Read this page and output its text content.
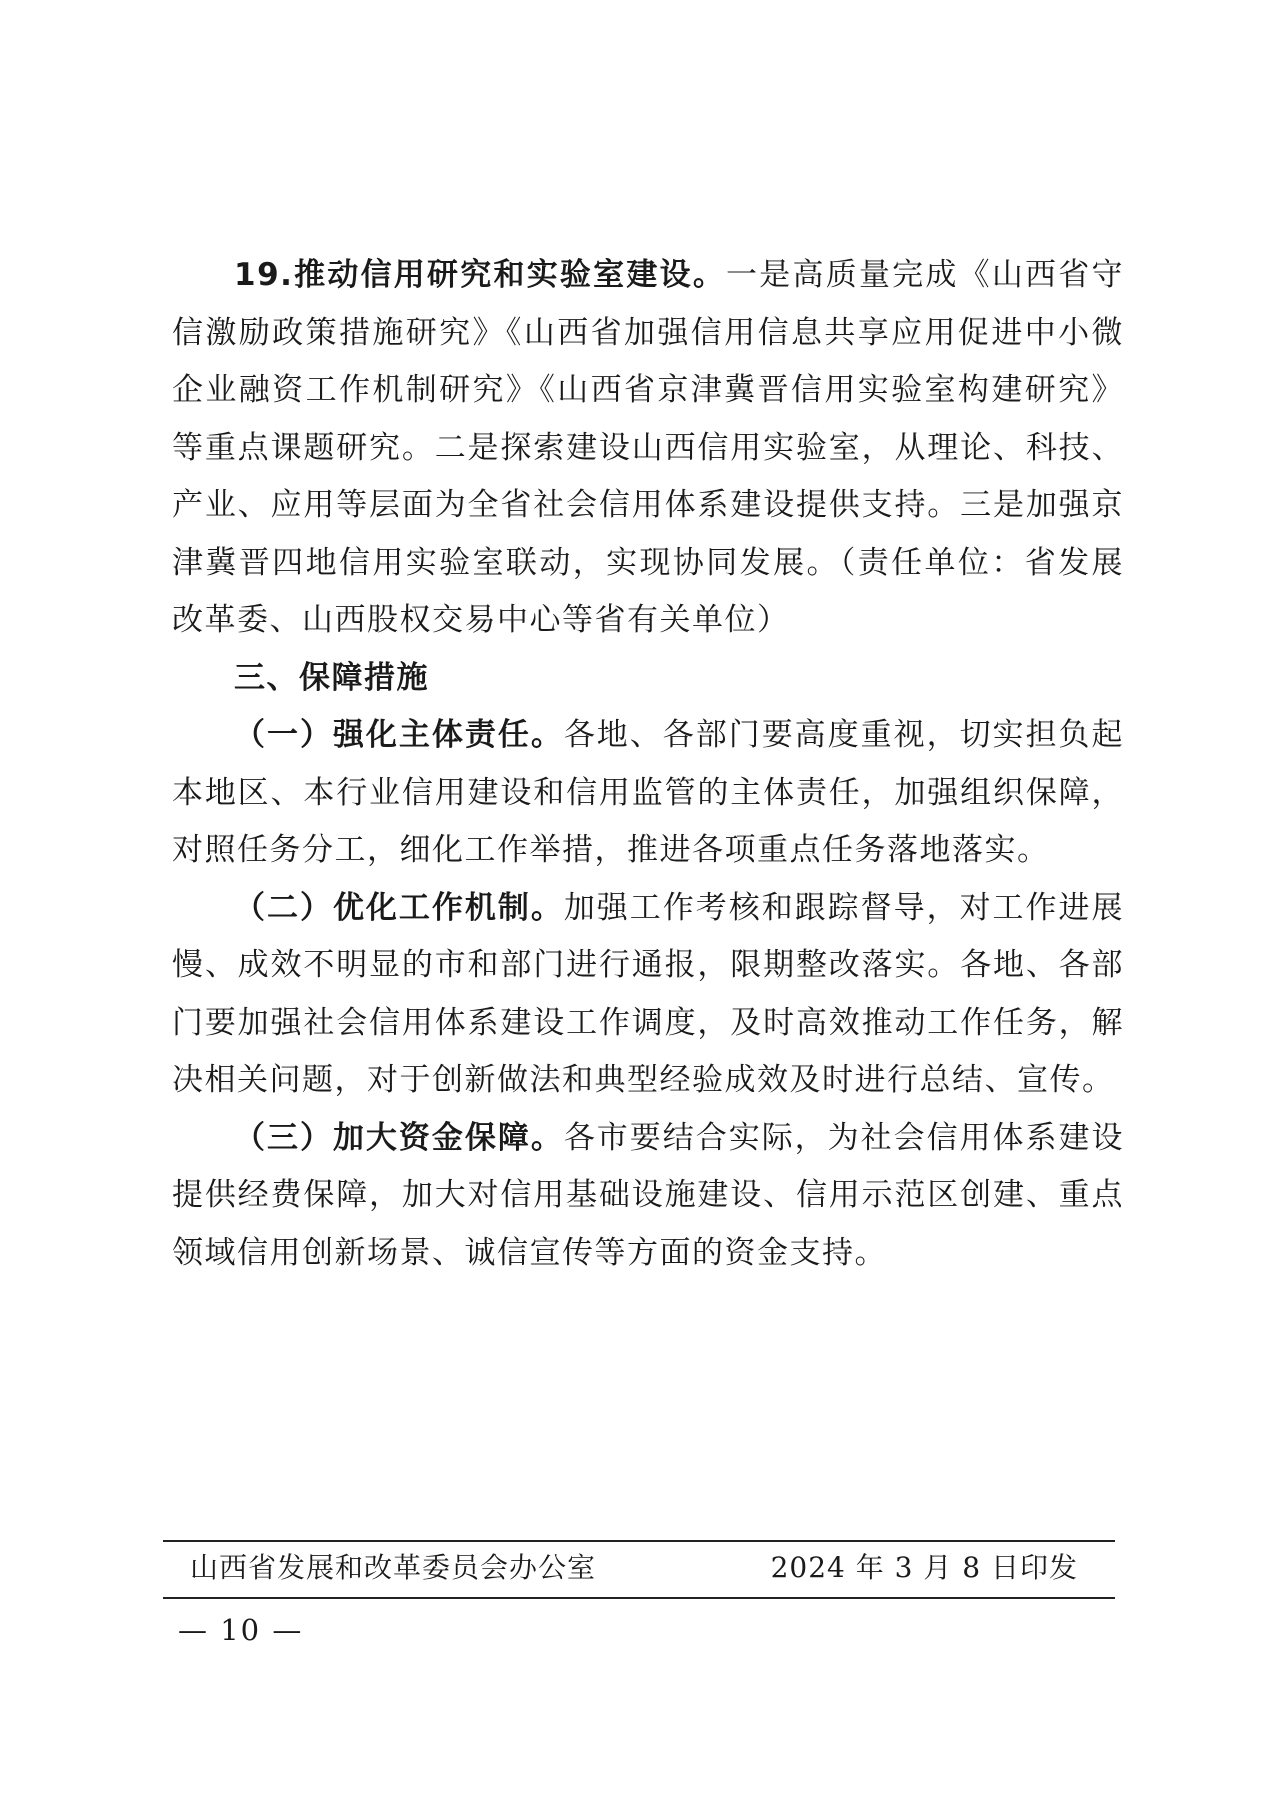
19.推动信用研究和实验室建设。一是高质量完成《山西省守信激励政策措施研究》《山西省加强信用信息共享应用促进中小微企业融资工作机制研究》《山西省京津冀晋信用实验室构建研究》等重点课题研究。二是探索建设山西信用实验室，从理论、科技、产业、应用等层面为全省社会信用体系建设提供支持。三是加强京津冀晋四地信用实验室联动，实现协同发展。（责任单位：省发展改革委、山西股权交易中心等省有关单位）

三、保障措施

（一）强化主体责任。各地、各部门要高度重视，切实担负起本地区、本行业信用建设和信用监管的主体责任，加强组织保障，对照任务分工，细化工作举措，推进各项重点任务落地落实。

（二）优化工作机制。加强工作考核和跟踪督导，对工作进展慢、成效不明显的市和部门进行通报，限期整改落实。各地、各部门要加强社会信用体系建设工作调度，及时高效推动工作任务，解决相关问题，对于创新做法和典型经验成效及时进行总结、宣传。

（三）加大资金保障。各市要结合实际，为社会信用体系建设提供经费保障，加大对信用基础设施建设、信用示范区创建、重点领域信用创新场景、诚信宣传等方面的资金支持。

山西省发展和改革委员会办公室	2024 年 3 月 8 日印发
— 10 —
